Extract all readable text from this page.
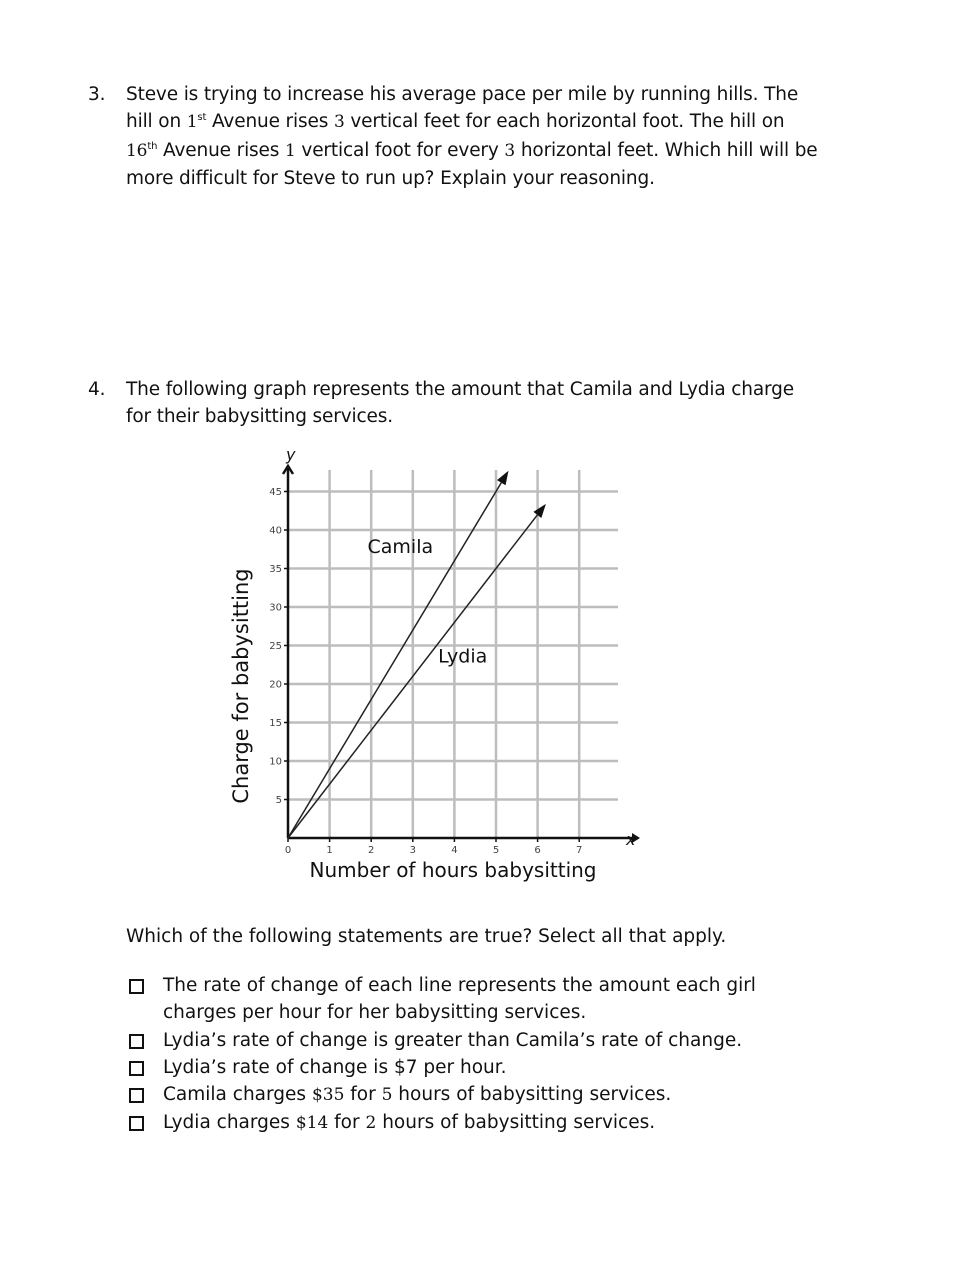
3. Steve is trying to increase his average pace per mile by running hills. The
hill on 1st Avenue rises 3 vertical feet for each horizontal foot. The hill on
16th Avenue rises 1 vertical foot for every 3 horizontal feet. Which hill will be
more difficult for Steve to run up? Explain your reasoning.
4. The following graph represents the amount that Camila and Lydia charge
for their babysitting services.
0	1	2	3	4	5	6	7
5
10
15
20
25
30
35
40
45
Camila
Lydia
Number of hours babysitting
Charge for babysitting
x
y
Which of the following statements are true? Select all that apply.
The rate of change of each line represents the amount each girl
charges per hour for her babysitting services.
Lydia’s rate of change is greater than Camila’s rate of change.
Lydia’s rate of change is $7 per hour.
Camila charges $35 for 5 hours of babysitting services.
Lydia charges $14 for 2 hours of babysitting services.
